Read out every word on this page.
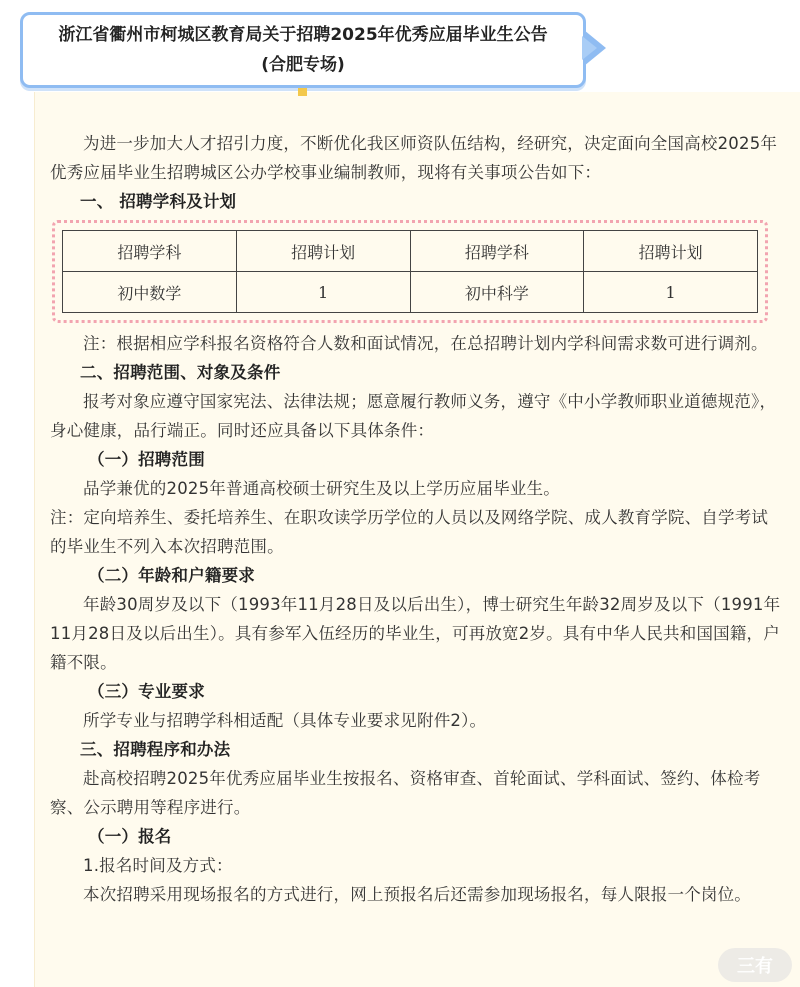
浙江省衢州市柯城区教育局关于招聘2025年优秀应届毕业生公告
(合肥专场)

为进一步加大人才招引力度，不断优化我区师资队伍结构，经研究，决定面向全国高校2025年优秀应届毕业生招聘城区公办学校事业编制教师，现将有关事项公告如下：

一、 招聘学科及计划

招聘学科	招聘计划	招聘学科	招聘计划
初中数学	1	初中科学	1

注：根据相应学科报名资格符合人数和面试情况，在总招聘计划内学科间需求数可进行调剂。

二、招聘范围、对象及条件

报考对象应遵守国家宪法、法律法规；愿意履行教师义务，遵守《中小学教师职业道德规范》，身心健康，品行端正。同时还应具备以下具体条件：

（一）招聘范围

品学兼优的2025年普通高校硕士研究生及以上学历应届毕业生。

注：定向培养生、委托培养生、在职攻读学历学位的人员以及网络学院、成人教育学院、自学考试的毕业生不列入本次招聘范围。

（二）年龄和户籍要求

年龄30周岁及以下（1993年11月28日及以后出生），博士研究生年龄32周岁及以下（1991年11月28日及以后出生）。具有参军入伍经历的毕业生，可再放宽2岁。具有中华人民共和国国籍，户籍不限。

（三）专业要求

所学专业与招聘学科相适配（具体专业要求见附件2）。

三、招聘程序和办法

赴高校招聘2025年优秀应届毕业生按报名、资格审查、首轮面试、学科面试、签约、体检考察、公示聘用等程序进行。

（一）报名

1.报名时间及方式：

本次招聘采用现场报名的方式进行，网上预报名后还需参加现场报名，每人限报一个岗位。

三有
